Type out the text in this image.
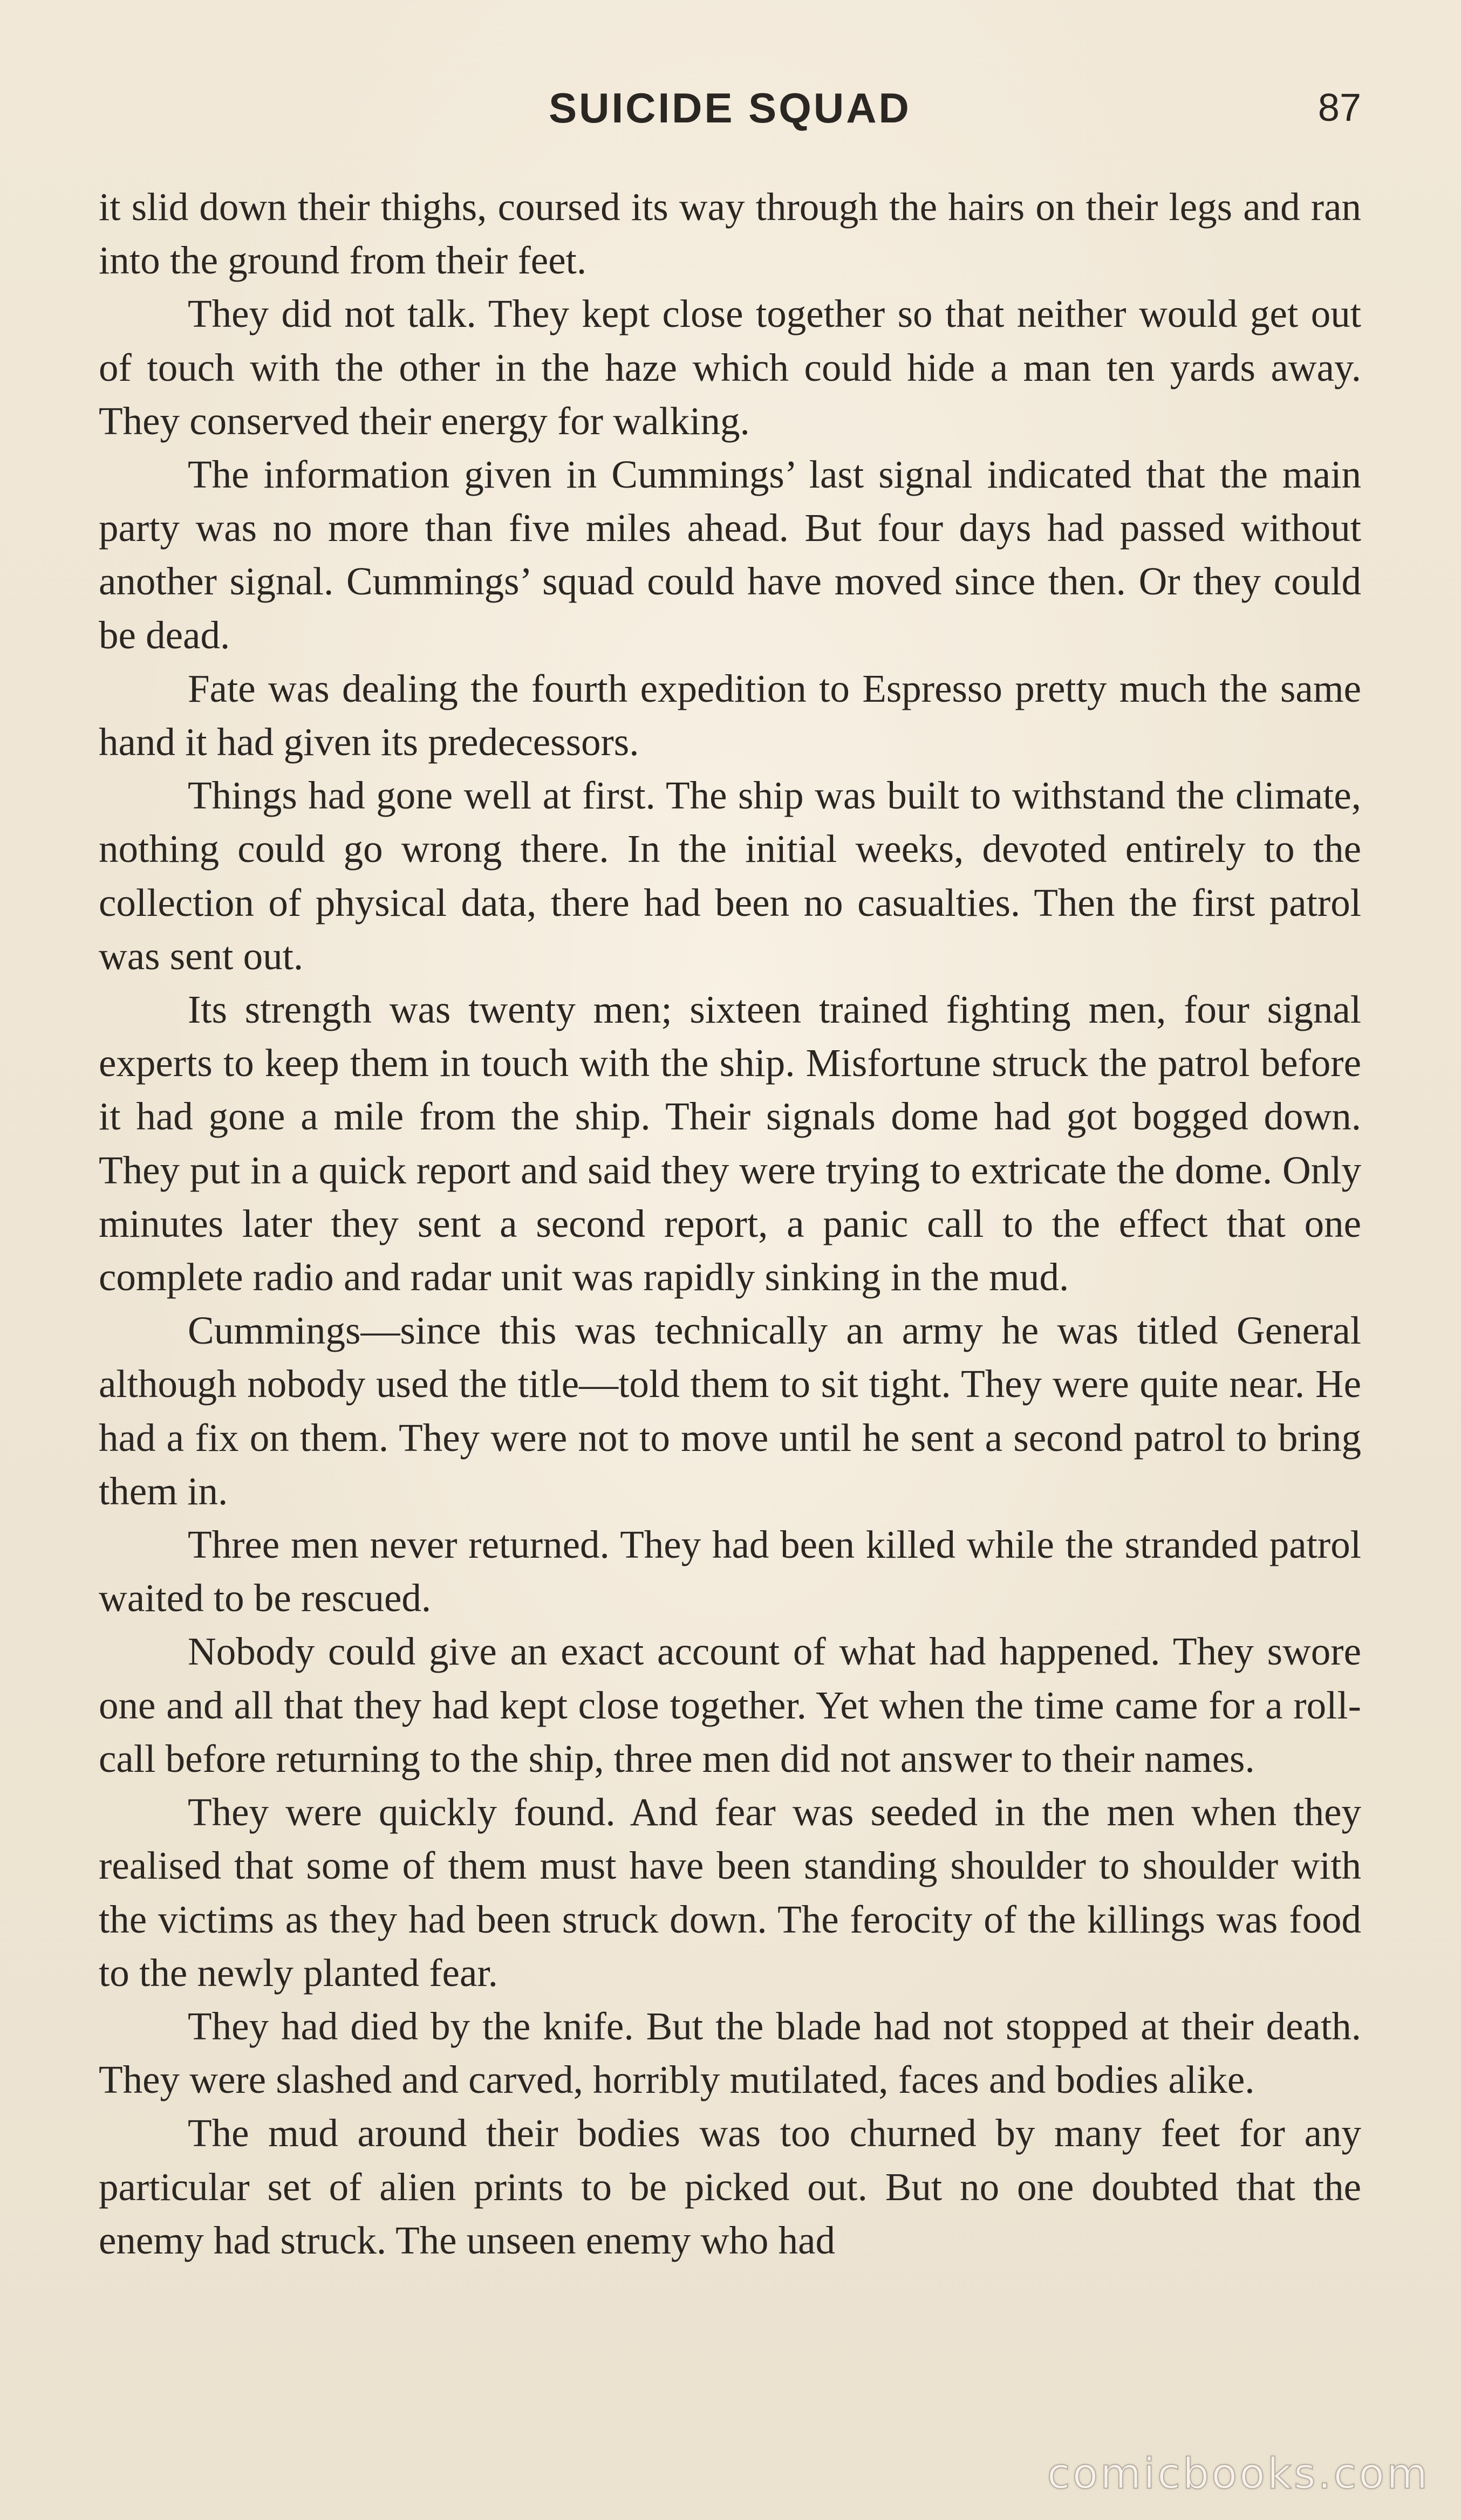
SUICIDE SQUAD	87

it slid down their thighs, coursed its way through the hairs on their legs and ran into the ground from their feet.

They did not talk. They kept close together so that neither would get out of touch with the other in the haze which could hide a man ten yards away. They conserved their energy for walking.

The information given in Cummings’ last signal indicated that the main party was no more than five miles ahead. But four days had passed without another signal. Cummings’ squad could have moved since then. Or they could be dead.

Fate was dealing the fourth expedition to Espresso pretty much the same hand it had given its predecessors.

Things had gone well at first. The ship was built to withstand the climate, nothing could go wrong there. In the initial weeks, devoted entirely to the collection of physical data, there had been no casualties. Then the first patrol was sent out.

Its strength was twenty men; sixteen trained fighting men, four signal experts to keep them in touch with the ship. Misfortune struck the patrol before it had gone a mile from the ship. Their signals dome had got bogged down. They put in a quick report and said they were trying to extricate the dome. Only minutes later they sent a second report, a panic call to the effect that one complete radio and radar unit was rapidly sinking in the mud.

Cummings—since this was technically an army he was titled General although nobody used the title—told them to sit tight. They were quite near. He had a fix on them. They were not to move until he sent a second patrol to bring them in.

Three men never returned. They had been killed while the stranded patrol waited to be rescued.

Nobody could give an exact account of what had happened. They swore one and all that they had kept close together. Yet when the time came for a roll-call before returning to the ship, three men did not answer to their names.

They were quickly found. And fear was seeded in the men when they realised that some of them must have been standing shoulder to shoulder with the victims as they had been struck down. The ferocity of the killings was food to the newly planted fear.

They had died by the knife. But the blade had not stopped at their death. They were slashed and carved, horribly mutilated, faces and bodies alike.

The mud around their bodies was too churned by many feet for any particular set of alien prints to be picked out. But no one doubted that the enemy had struck. The unseen enemy who had

comicbooks.com
